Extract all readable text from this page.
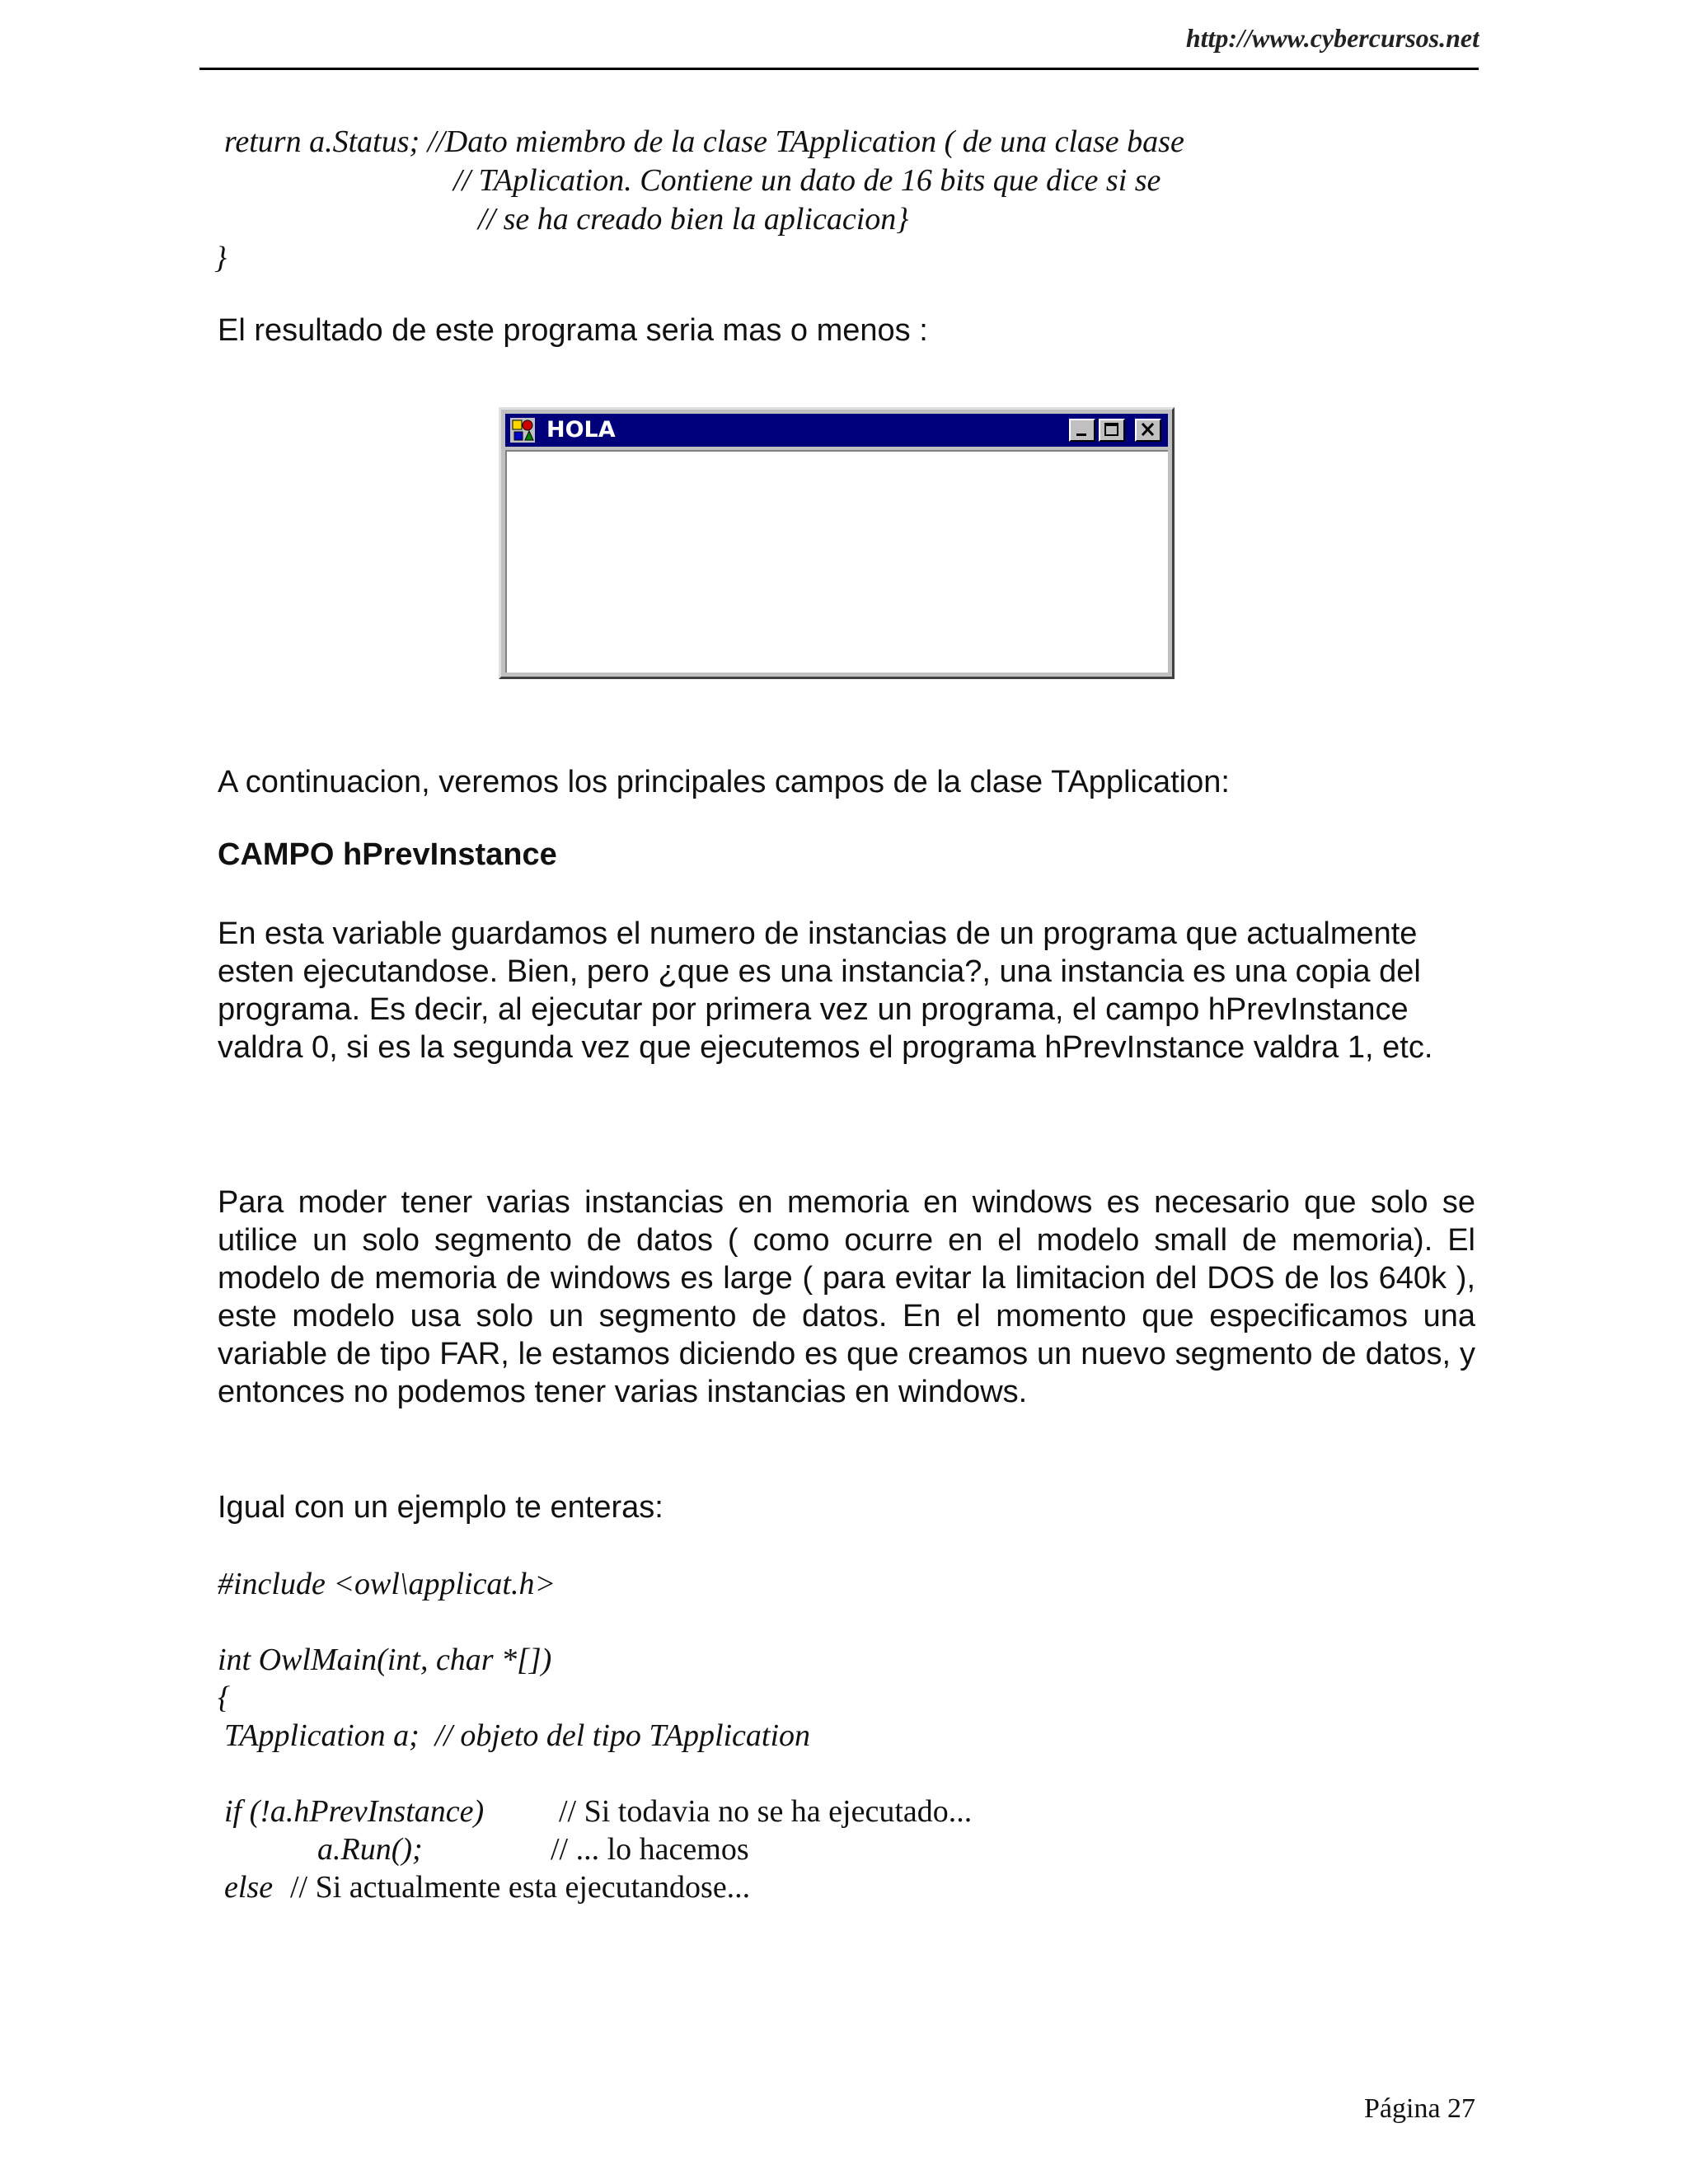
http://www.cybercursos.net
return a.Status; //Dato miembro de la clase TApplication ( de una clase base
// TAplication. Contiene un dato de 16 bits que dice si se
// se ha creado bien la aplicacion}
}
El resultado de este programa seria mas o menos :
HOLA
A continuacion, veremos los principales campos de la clase TApplication:
CAMPO hPrevInstance

En esta variable guardamos el numero de instancias de un programa que actualmente esten ejecutandose. Bien, pero ¿que es una instancia?, una instancia es una copia del programa. Es decir, al ejecutar por primera vez un programa, el campo hPrevInstance valdra 0, si es la segunda vez que ejecutemos el programa hPrevInstance valdra 1, etc.

Para moder tener varias instancias en memoria en windows es necesario que solo se utilice un solo segmento de datos ( como ocurre en el modelo small de memoria). El modelo de memoria de windows es large ( para evitar la limitacion del DOS de los 640k ), este modelo usa solo un segmento de datos. En el momento que especificamos una variable de tipo FAR, le estamos diciendo es que creamos un nuevo segmento de datos, y entonces no podemos tener varias instancias en windows.

Igual con un ejemplo te enteras:
#include <owl\applicat.h>
int OwlMain(int, char *[])
{
TApplication a;  // objeto del tipo TApplication
if (!a.hPrevInstance) // Si todavia no se ha ejecutado...
a.Run();	// ... lo hacemos
else // Si actualmente esta ejecutandose...
Página 27
